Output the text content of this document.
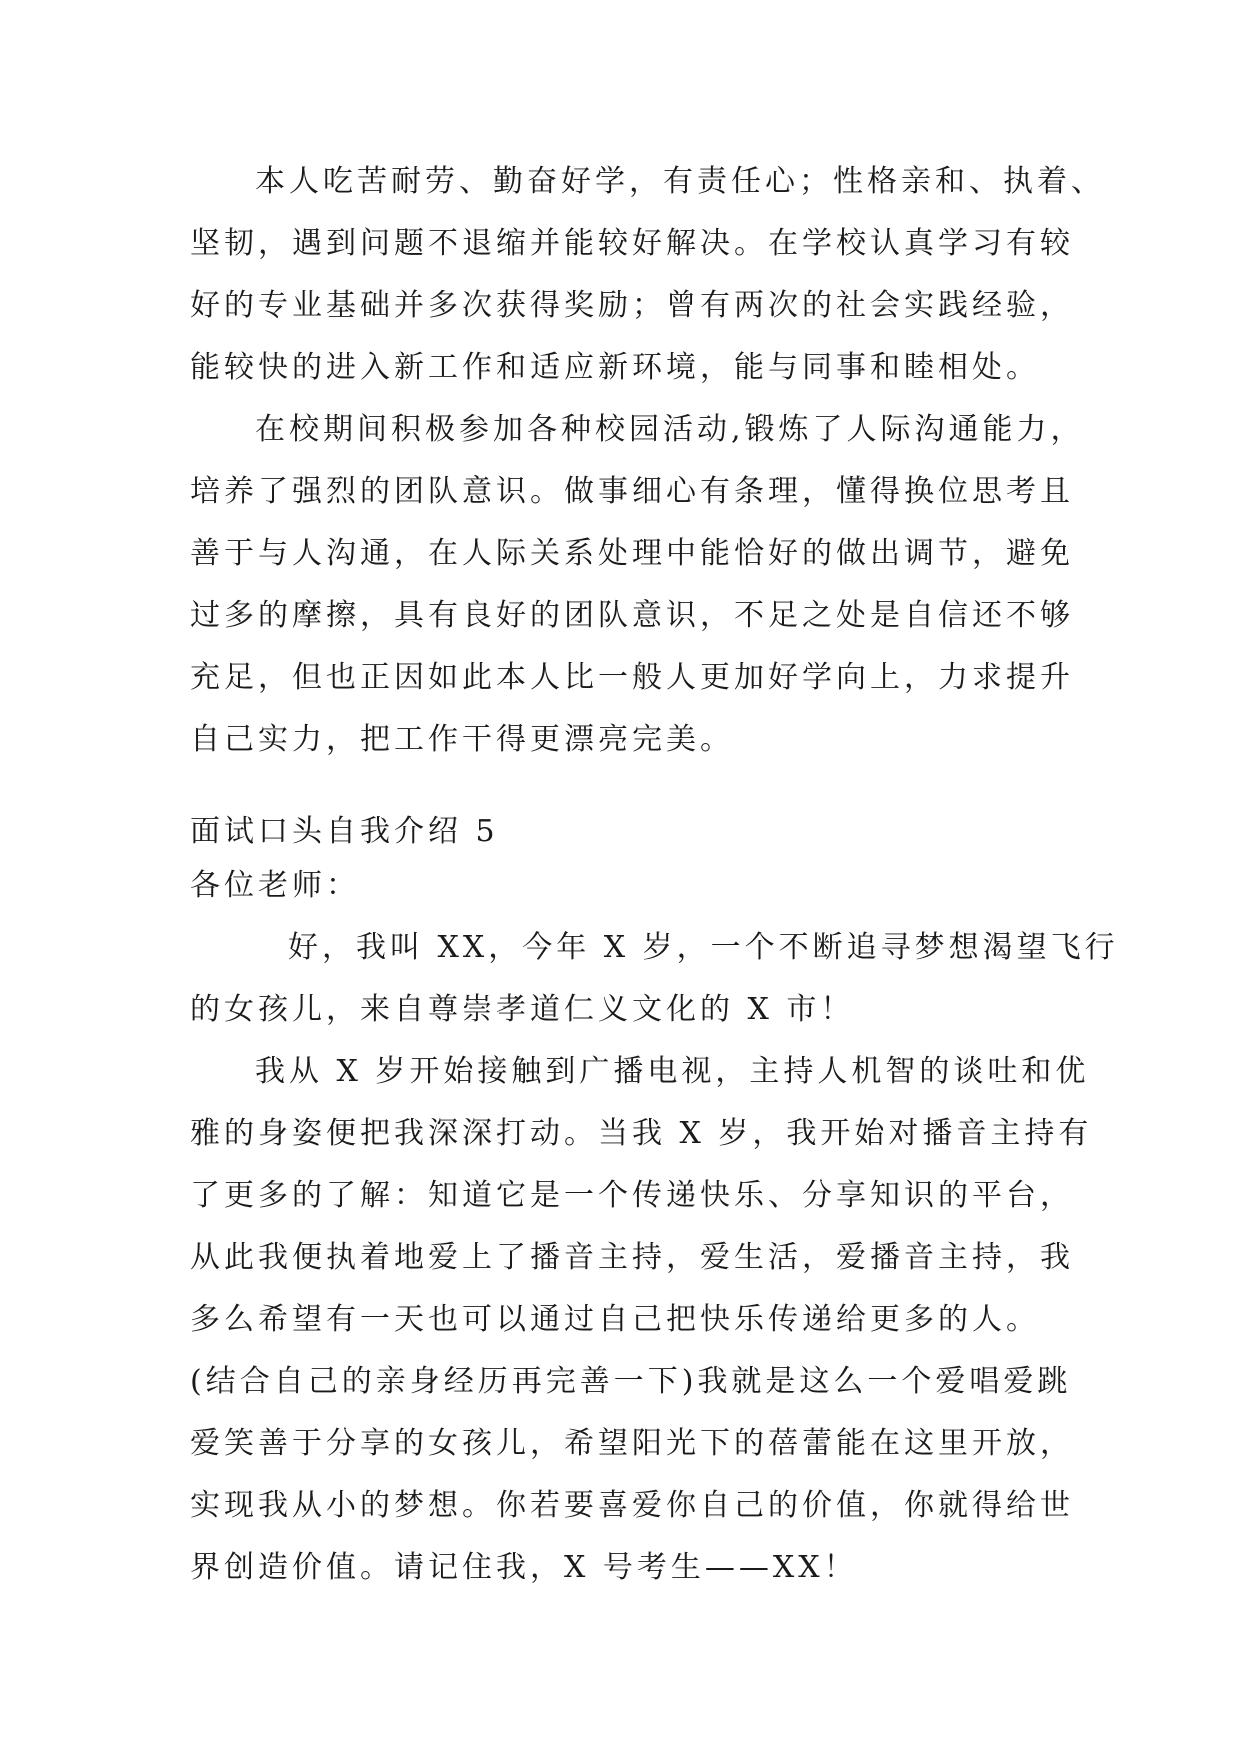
本人吃苦耐劳、勤奋好学，有责任心；性格亲和、执着、

坚韧，遇到问题不退缩并能较好解决。在学校认真学习有较

好的专业基础并多次获得奖励；曾有两次的社会实践经验，

能较快的进入新工作和适应新环境，能与同事和睦相处。

在校期间积极参加各种校园活动,锻炼了人际沟通能力，

培养了强烈的团队意识。做事细心有条理，懂得换位思考且

善于与人沟通，在人际关系处理中能恰好的做出调节，避免

过多的摩擦，具有良好的团队意识，不足之处是自信还不够

充足，但也正因如此本人比一般人更加好学向上，力求提升

自己实力，把工作干得更漂亮完美。

面试口头自我介绍 5

各位老师：

好，我叫 XX，今年 X 岁，一个不断追寻梦想渴望飞行

的女孩儿，来自尊崇孝道仁义文化的 X 市！

我从 X 岁开始接触到广播电视，主持人机智的谈吐和优

雅的身姿便把我深深打动。当我 X 岁，我开始对播音主持有

了更多的了解：知道它是一个传递快乐、分享知识的平台，

从此我便执着地爱上了播音主持，爱生活，爱播音主持，我

多么希望有一天也可以通过自己把快乐传递给更多的人。

(结合自己的亲身经历再完善一下)我就是这么一个爱唱爱跳

爱笑善于分享的女孩儿，希望阳光下的蓓蕾能在这里开放，

实现我从小的梦想。你若要喜爱你自己的价值，你就得给世

界创造价值。请记住我，X 号考生——XX！
